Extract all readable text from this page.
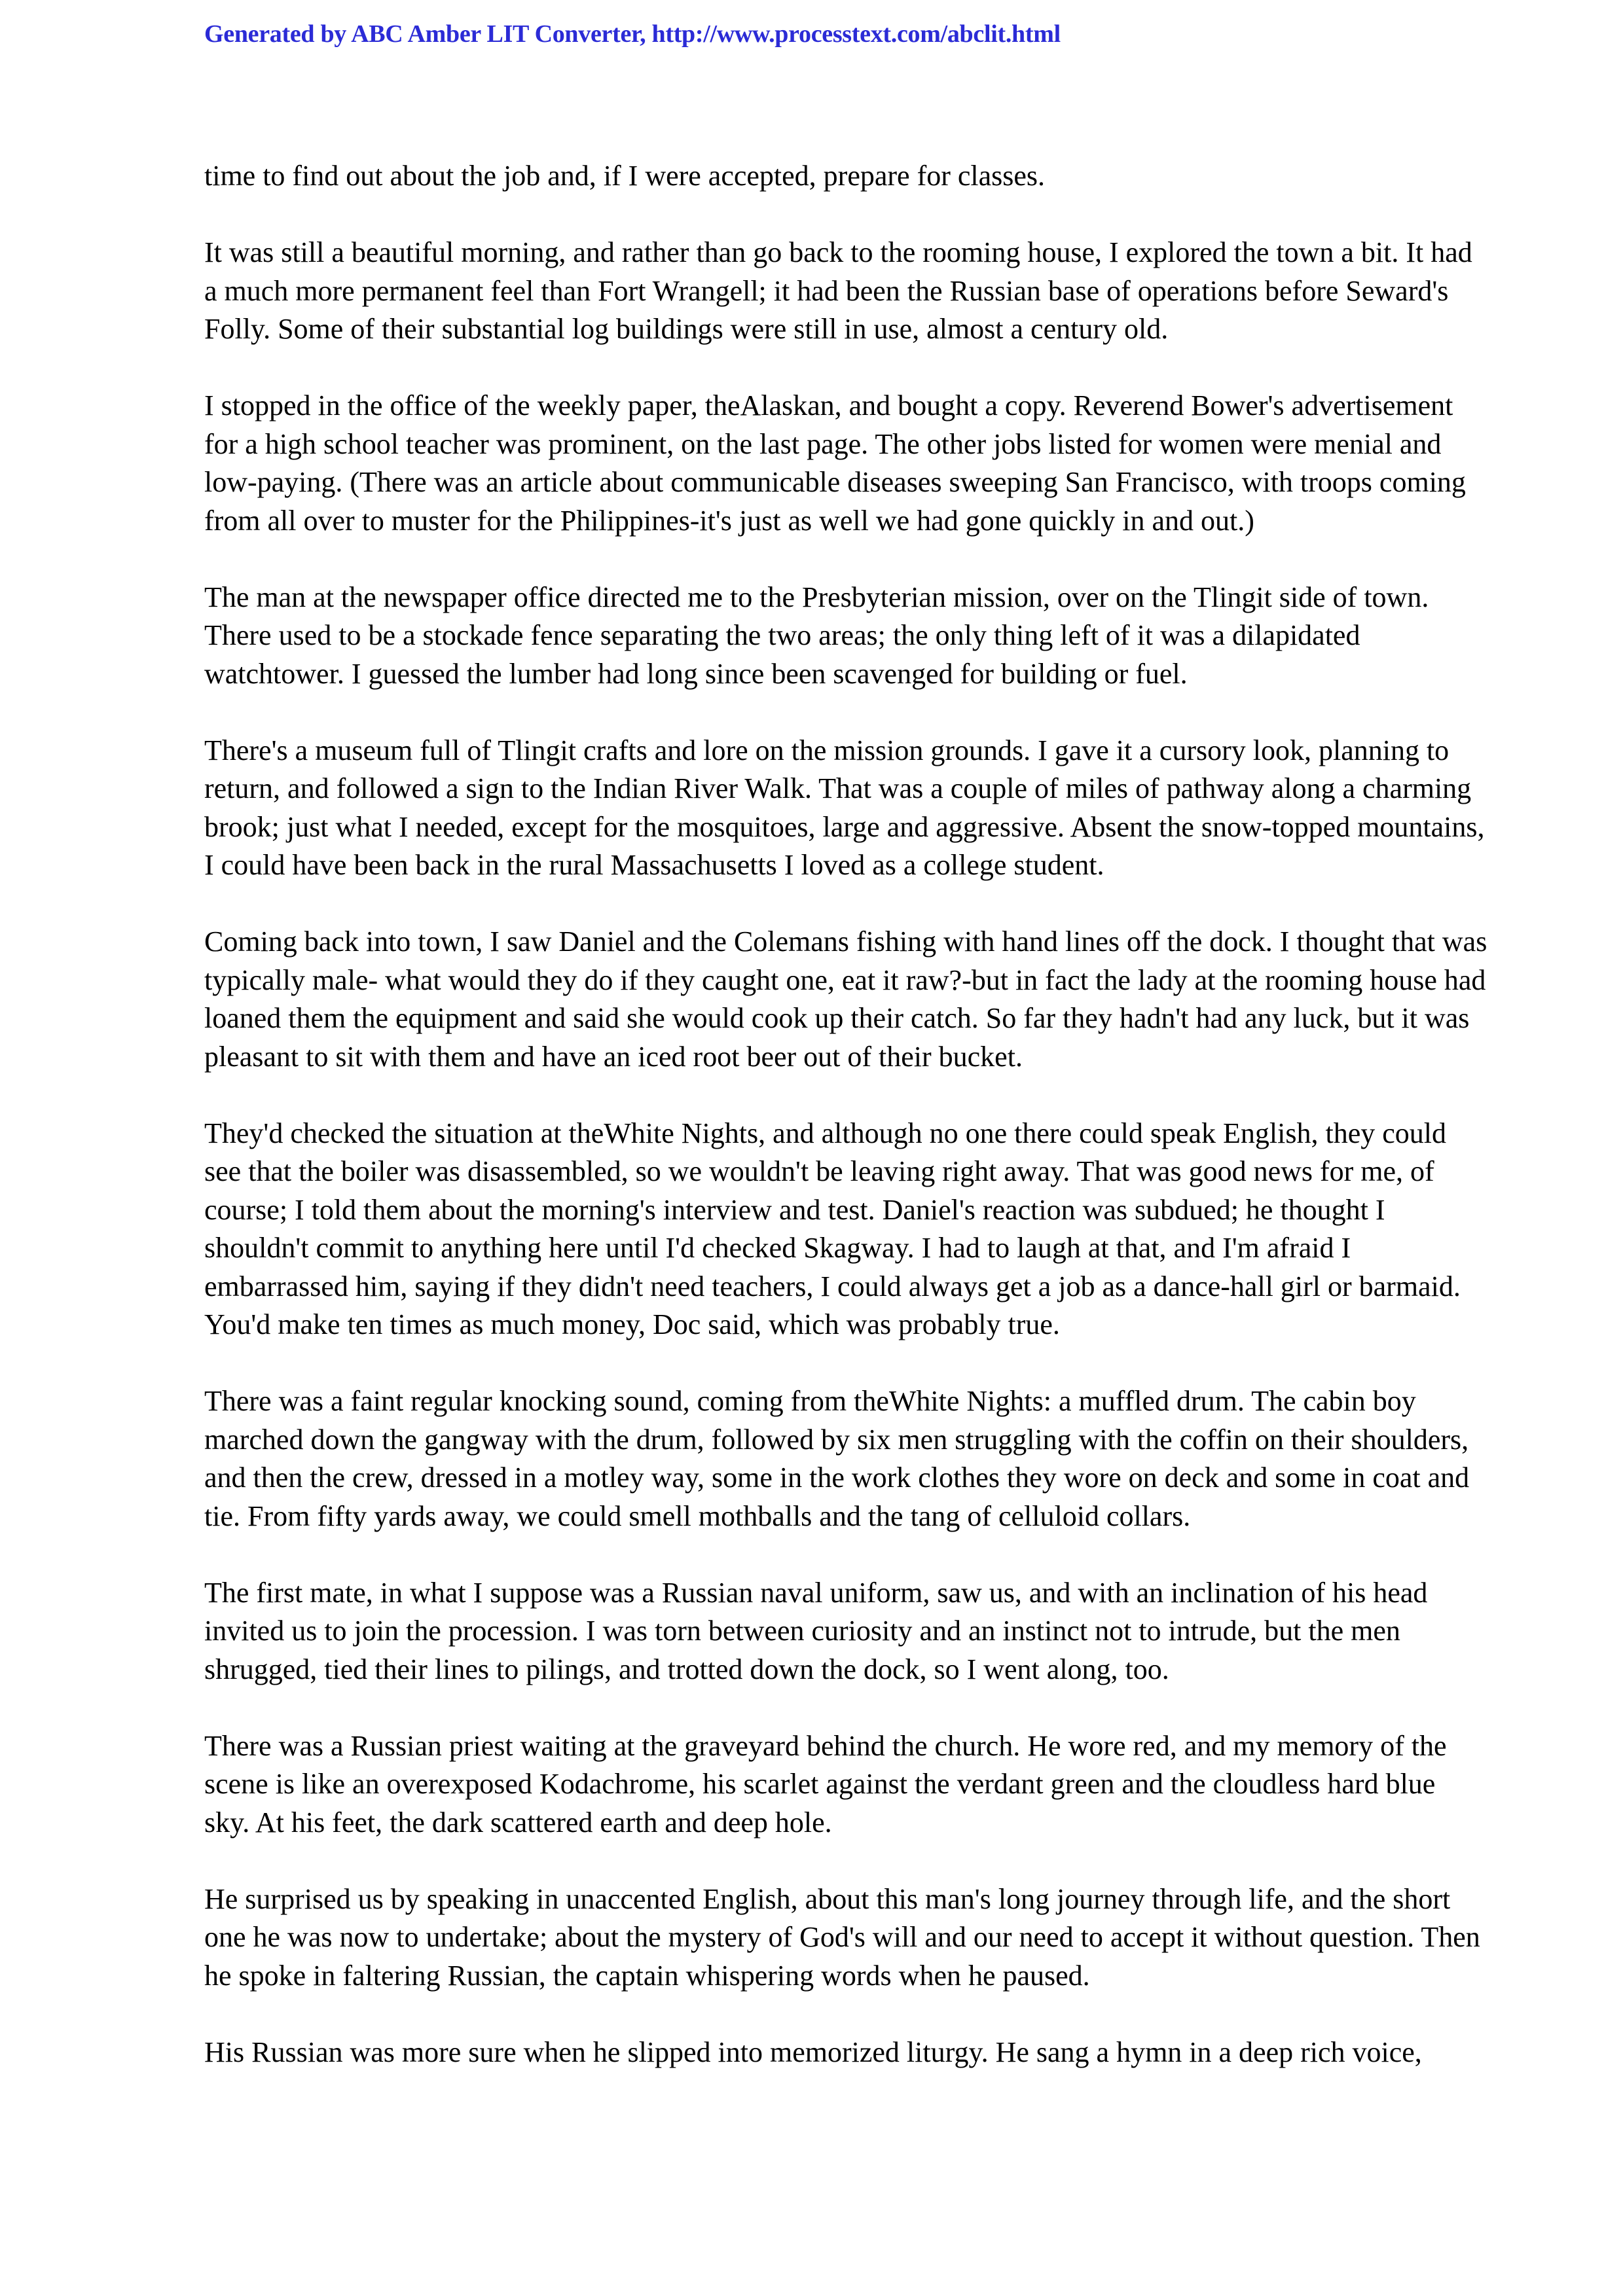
Generated by ABC Amber LIT Converter, http://www.processtext.com/abclit.html

time to find out about the job and, if I were accepted, prepare for classes.

It was still a beautiful morning, and rather than go back to the rooming house, I explored the town a bit. It had a much more permanent feel than Fort Wrangell; it had been the Russian base of operations before Seward's Folly. Some of their substantial log buildings were still in use, almost a century old.

I stopped in the office of the weekly paper, theAlaskan, and bought a copy. Reverend Bower's advertisement for a high school teacher was prominent, on the last page. The other jobs listed for women were menial and low-paying. (There was an article about communicable diseases sweeping San Francisco, with troops coming from all over to muster for the Philippines-it's just as well we had gone quickly in and out.)

The man at the newspaper office directed me to the Presbyterian mission, over on the Tlingit side of town. There used to be a stockade fence separating the two areas; the only thing left of it was a dilapidated watchtower. I guessed the lumber had long since been scavenged for building or fuel.

There's a museum full of Tlingit crafts and lore on the mission grounds. I gave it a cursory look, planning to return, and followed a sign to the Indian River Walk. That was a couple of miles of pathway along a charming brook; just what I needed, except for the mosquitoes, large and aggressive. Absent the snow-topped mountains, I could have been back in the rural Massachusetts I loved as a college student.

Coming back into town, I saw Daniel and the Colemans fishing with hand lines off the dock. I thought that was typically male- what would they do if they caught one, eat it raw?-but in fact the lady at the rooming house had loaned them the equipment and said she would cook up their catch. So far they hadn't had any luck, but it was pleasant to sit with them and have an iced root beer out of their bucket.

They'd checked the situation at theWhite Nights, and although no one there could speak English, they could see that the boiler was disassembled, so we wouldn't be leaving right away. That was good news for me, of course; I told them about the morning's interview and test. Daniel's reaction was subdued; he thought I shouldn't commit to anything here until I'd checked Skagway. I had to laugh at that, and I'm afraid I embarrassed him, saying if they didn't need teachers, I could always get a job as a dance-hall girl or barmaid. You'd make ten times as much money, Doc said, which was probably true.

There was a faint regular knocking sound, coming from theWhite Nights: a muffled drum. The cabin boy marched down the gangway with the drum, followed by six men struggling with the coffin on their shoulders, and then the crew, dressed in a motley way, some in the work clothes they wore on deck and some in coat and tie. From fifty yards away, we could smell mothballs and the tang of celluloid collars.

The first mate, in what I suppose was a Russian naval uniform, saw us, and with an inclination of his head invited us to join the procession. I was torn between curiosity and an instinct not to intrude, but the men shrugged, tied their lines to pilings, and trotted down the dock, so I went along, too.

There was a Russian priest waiting at the graveyard behind the church. He wore red, and my memory of the scene is like an overexposed Kodachrome, his scarlet against the verdant green and the cloudless hard blue sky. At his feet, the dark scattered earth and deep hole.

He surprised us by speaking in unaccented English, about this man's long journey through life, and the short one he was now to undertake; about the mystery of God's will and our need to accept it without question. Then he spoke in faltering Russian, the captain whispering words when he paused.

His Russian was more sure when he slipped into memorized liturgy. He sang a hymn in a deep rich voice,
